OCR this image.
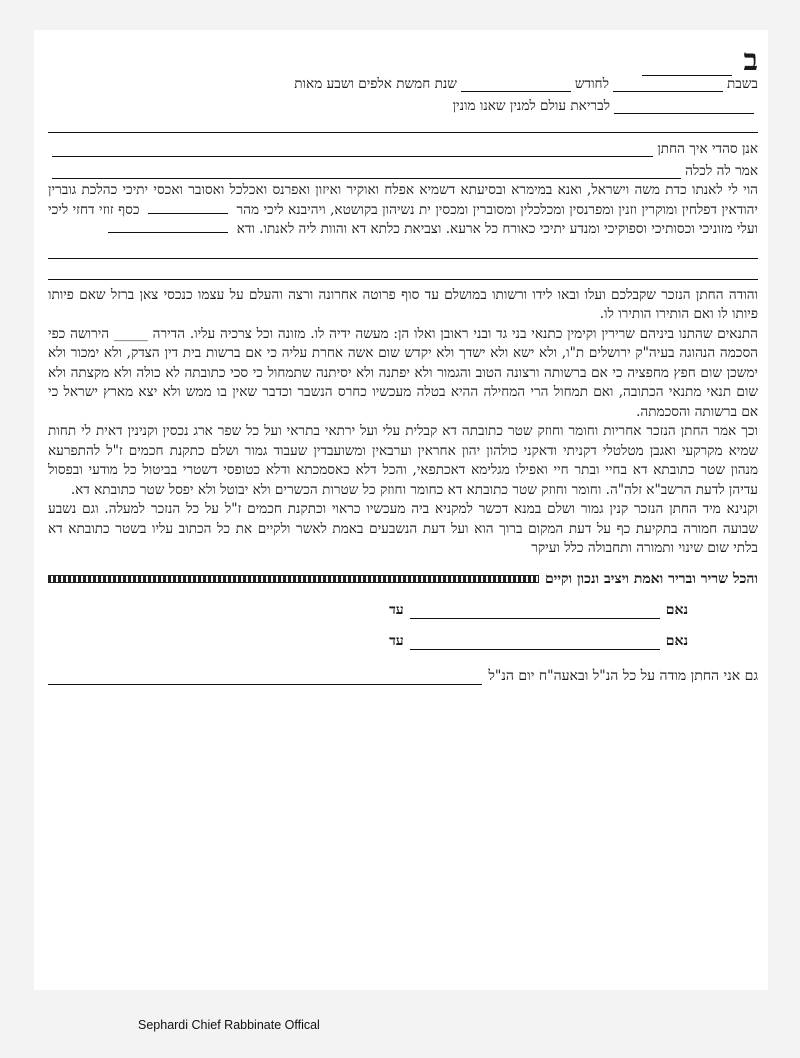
ב
בשבת
לחודש
שנת חמשת אלפים ושבע מאות
לבריאת עולם למנין שאנו מונין
אנן סהדי איך החתן
אמר לה לכלה

הוי לי לאנתו כדת משה וישראל, ואנא במימרא ובסיעתא דשמיא אפלח ואוקיר ואיזון ואפרנס ואכלכל ואסובר ואכסי יתיכי כהלכת גוברין יהודאין דפלחין ומוקרין וזנין ומפרנסין ומכלכלין ומסוברין ומכסין ית נשיהון בקושטא, ויהיבנא ליכי מהר  כסף זוזי דחזי ליכי ועלי מזוניכי וכסותיכי וספוקיכי ומנדע יתיכי כאורח כל ארעא. וצביאת כלתא דא והוות ליה לאנתו. ודא

והודה החתן הנזכר שקבלכם ועלו ובאו לידו ורשותו במושלם עד סוף פרוטה אחרונה ורצה והעלם על עצמו כנכסי צאן ברזל שאם פיותו פיותו לו ואם הותירו הותירו לו.

התנאים שהתנו ביניהם שרירין וקימין כתנאי בני גד ובני ראובן ואלו הן: מעשה ידיה לו. מזונה וכל צרכיה עליו. הדירה _____ הירושה כפי הסכמה הנהוגה בעיה"ק ירושלים ת"ו, ולא ישא ולא ישדך ולא יקדש שום אשה אחרת עליה כי אם ברשות בית דין הצדק, ולא ימכור ולא ימשכן שום חפץ מחפציה כי אם ברשותה ורצונה הטוב והגמור ולא יפתנה ולא יסיתנה שתמחול כי סכי כתובתה לא כולה ולא מקצתה ולא שום תנאי מתנאי הכתובה, ואם תמחול הרי המחילה ההיא בטלה מעכשיו כחרס הנשבר וכדבר שאין בו ממש ולא יצא מארץ ישראל כי אם ברשותה והסכמתה.

וכך אמר החתן הנזכר אחריות וחומר וחוזק שטר כתובתה דא קבלית עלי ועל ירתאי בתראי ועל כל שפר ארג נכסין וקנינין דאית לי תחות שמיא מקרקעי ואגבן מטלטלי דקניתי ודאקני כולהון יהון אחראין וערבאין ומשועבדין שעבוד גמור ושלם כתקנת חכמים ז"ל להתפרעא מנהון שטר כתובתא דא בחיי ובתר חיי ואפילו מגלימא דאכתפאי, והכל דלא כאסמכתא ודלא כטופסי דשטרי בביטול כל מודעי ובפסול עדיהן לדעת הרשב"א זלה"ה. וחומר וחוזק שטר כתובתא דא כחומר וחוזק כל שטרות הכשרים ולא יבוטל ולא יפסל שטר כתובתא דא.

וקנינא מיד החתן הנזכר קנין גמור ושלם במנא דכשר למקניא ביה מעכשיו כראוי וכתקנת חכמים ז"ל על כל הנזכר למעלה. וגם נשבע שבועה חמורה בתקיעת כף על דעת המקום ברוך הוא ועל דעת הנשבעים באמת לאשר ולקיים את כל הכתוב עליו בשטר כתובתא דא בלתי שום שינוי ותמורה ותחבולה כלל ועיקר

והכל שריר ובריר ואמת ויציב ונכון וקיים
נאם
עד
נאם
עד
גם אני החתן מודה על כל הנ"ל ובאעה"ח יום הנ"ל
Sephardi Chief Rabbinate Offical
